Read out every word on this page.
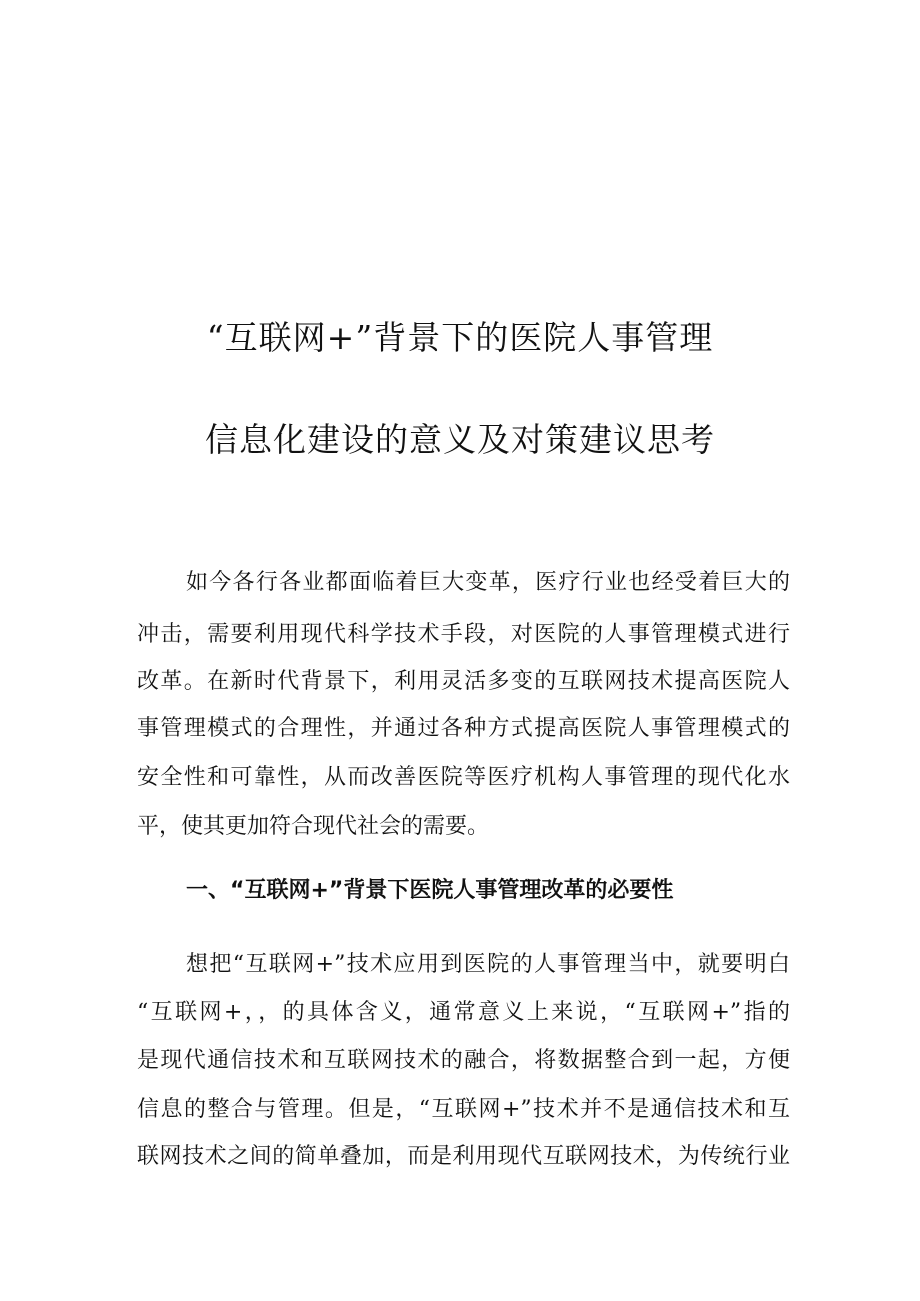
“互联网+”背景下的医院人事管理
信息化建设的意义及对策建议思考
如今各行各业都面临着巨大变革，医疗行业也经受着巨大的
冲击，需要利用现代科学技术手段，对医院的人事管理模式进行
改革。在新时代背景下，利用灵活多变的互联网技术提高医院人
事管理模式的合理性，并通过各种方式提高医院人事管理模式的
安全性和可靠性，从而改善医院等医疗机构人事管理的现代化水
平，使其更加符合现代社会的需要。
一、“互联网+”背景下医院人事管理改革的必要性
想把“互联网+”技术应用到医院的人事管理当中，就要明白
“互联网+，，的具体含义，通常意义上来说，“互联网+”指的
是现代通信技术和互联网技术的融合，将数据整合到一起，方便
信息的整合与管理。但是，“互联网+”技术并不是通信技术和互
联网技术之间的简单叠加，而是利用现代互联网技术，为传统行业
